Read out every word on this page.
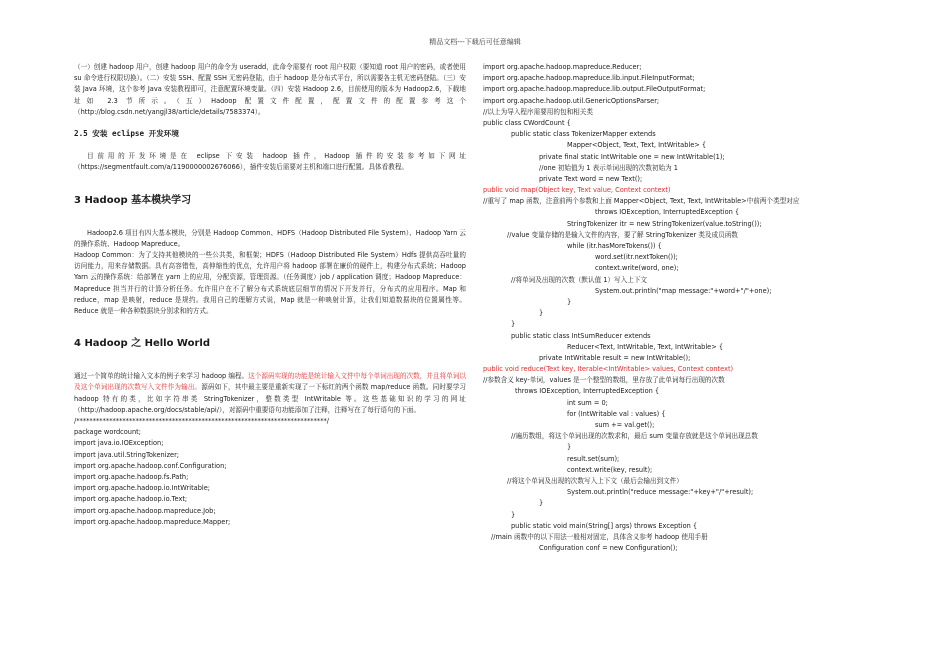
精品文档---下载后可任意编辑

（一）创建 hadoop 用户，创建 hadoop 用户的命令为 useradd，此命令需要有 root 用户权限（要知道 root 用户的密码，或者使用 su 命令进行权限切换）。（二）安装 SSH、配置 SSH 无密码登陆，由于 hadoop 是分布式平台，所以需要各主机无密码登陆。（三）安装 Java 环境，这个参考 Java 安装教程即可，注意配置环境变量。（四）安装 Hadoop 2.6，目前使用的版本为 Hadoop2.6，下载地址如 2.3 节所示。（五）Hadoop 配置文件配置，配置文件的配置参考这个（http://blog.csdn.net/yangjl38/article/details/7583374）。

2.5 安装 eclipse 开发环境

目前用的开发环境是在 eclipse 下安装 hadoop 插件，Hadoop 插件的安装参考如下网址（https://segmentfault.com/a/1190000002676066），插件安装后需要对主机和端口进行配置。具体看教程。

3 Hadoop 基本模块学习

Hadoop2.6 项目有四大基本模块，分别是 Hadoop Common、HDFS（Hadoop Distributed File System）、Hadoop Yarn 云的操作系统、Hadoop Mapreduce。

Hadoop Common：为了支持其他模块的一些公共类，和框架；HDFS（Hadoop Distributed File System）Hdfs 提供高吞吐量的访问能力，用来存储数据。具有高容错性，高伸缩性的优点，允许用户将 hadoop 部署在廉价的硬件上，构建分布式系统；Hadoop Yarn 云的操作系统：给部署在 yarn 上的应用，分配资源，管理资源。（任务调度）job / application 调度；Hadoop Mapreduce：Mapreduce 担当并行的计算分析任务。允许用户在不了解分布式系统底层细节的情况下开发并行，分布式的应用程序。Map 和 reduce，map 是映射，reduce 是规约。我用自己的理解方式说，Map 就是一种映射计算，让我们知道数据块的位置属性等。Reduce 就是一种各种数据块分别求和的方式。

4 Hadoop 之 Hello World

通过一个简单的统计输入文本的例子来学习 hadoop 编程。这个源码实现的功能是统计输入文件中每个单词出现的次数，并且将单词以及这个单词出现的次数写入文件作为输出。源码如下，其中最主要是重新实现了一下标红的两个函数 map/reduce 函数。同时要学习 hadoop 特有的类，比如字符串类 StringTokenizer，整数类型 IntWritable 等。这些基础知识的学习的网址（http://hadoop.apache.org/docs/stable/api/），对源码中重要语句功能添加了注释，注释写在了每行语句的下面。

/****************************************************************************/
package wordcount;
import java.io.IOException;
import java.util.StringTokenizer;
import org.apache.hadoop.conf.Configuration;
import org.apache.hadoop.fs.Path;
import org.apache.hadoop.io.IntWritable;
import org.apache.hadoop.io.Text;
import org.apache.hadoop.mapreduce.Job;
import org.apache.hadoop.mapreduce.Mapper;
import org.apache.hadoop.mapreduce.Reducer;
import org.apache.hadoop.mapreduce.lib.input.FileInputFormat;
import org.apache.hadoop.mapreduce.lib.output.FileOutputFormat;
import org.apache.hadoop.util.GenericOptionsParser;
//以上为导入程序需要用的包和相关类
public class CWordCount {
public static class TokenizerMapper extends
Mapper<Object, Text, Text, IntWritable> {
private final static IntWritable one = new IntWritable(1);
//one 初始值为 1 表示单词出现的次数初始为 1
private Text word = new Text();
public void map(Object key, Text value, Context context)
//重写了 map 函数，注意前两个参数和上面 Mapper<Object, Text, Text, IntWritable>中前两个类型对应
throws IOException, InterruptedException {
StringTokenizer itr = new StringTokenizer(value.toString());
//value 变量存储的是输入文件的内容，要了解 StringTokenizer 类及成员函数
while (itr.hasMoreTokens()) {
word.set(itr.nextToken());
context.write(word, one);
//将单词及出现的次数（默认值 1）写入上下文
System.out.println("map message:"+word+"/"+one);
}
}
}
public static class IntSumReducer extends
Reducer<Text, IntWritable, Text, IntWritable> {
private IntWritable result = new IntWritable();
public void reduce(Text key, Iterable<IntWritable> values, Context context)
//参数含义 key-单词，values 是一个整型的数组，里存放了此单词每行出现的次数
throws IOException, InterruptedException {
int sum = 0;
for (IntWritable val : values) {
sum += val.get();
//遍历数组，将这个单词出现的次数求和，最后 sum 变量存放就是这个单词出现总数
}
result.set(sum);
context.write(key, result);
//将这个单词及出现的次数写入上下文（最后会输出到文件）
System.out.println("reduce message:"+key+"/"+result);
}
}
public static void main(String[] args) throws Exception {
//main 函数中的以下用法一般相对固定，具体含义参考 hadoop 使用手册
Configuration conf = new Configuration();
